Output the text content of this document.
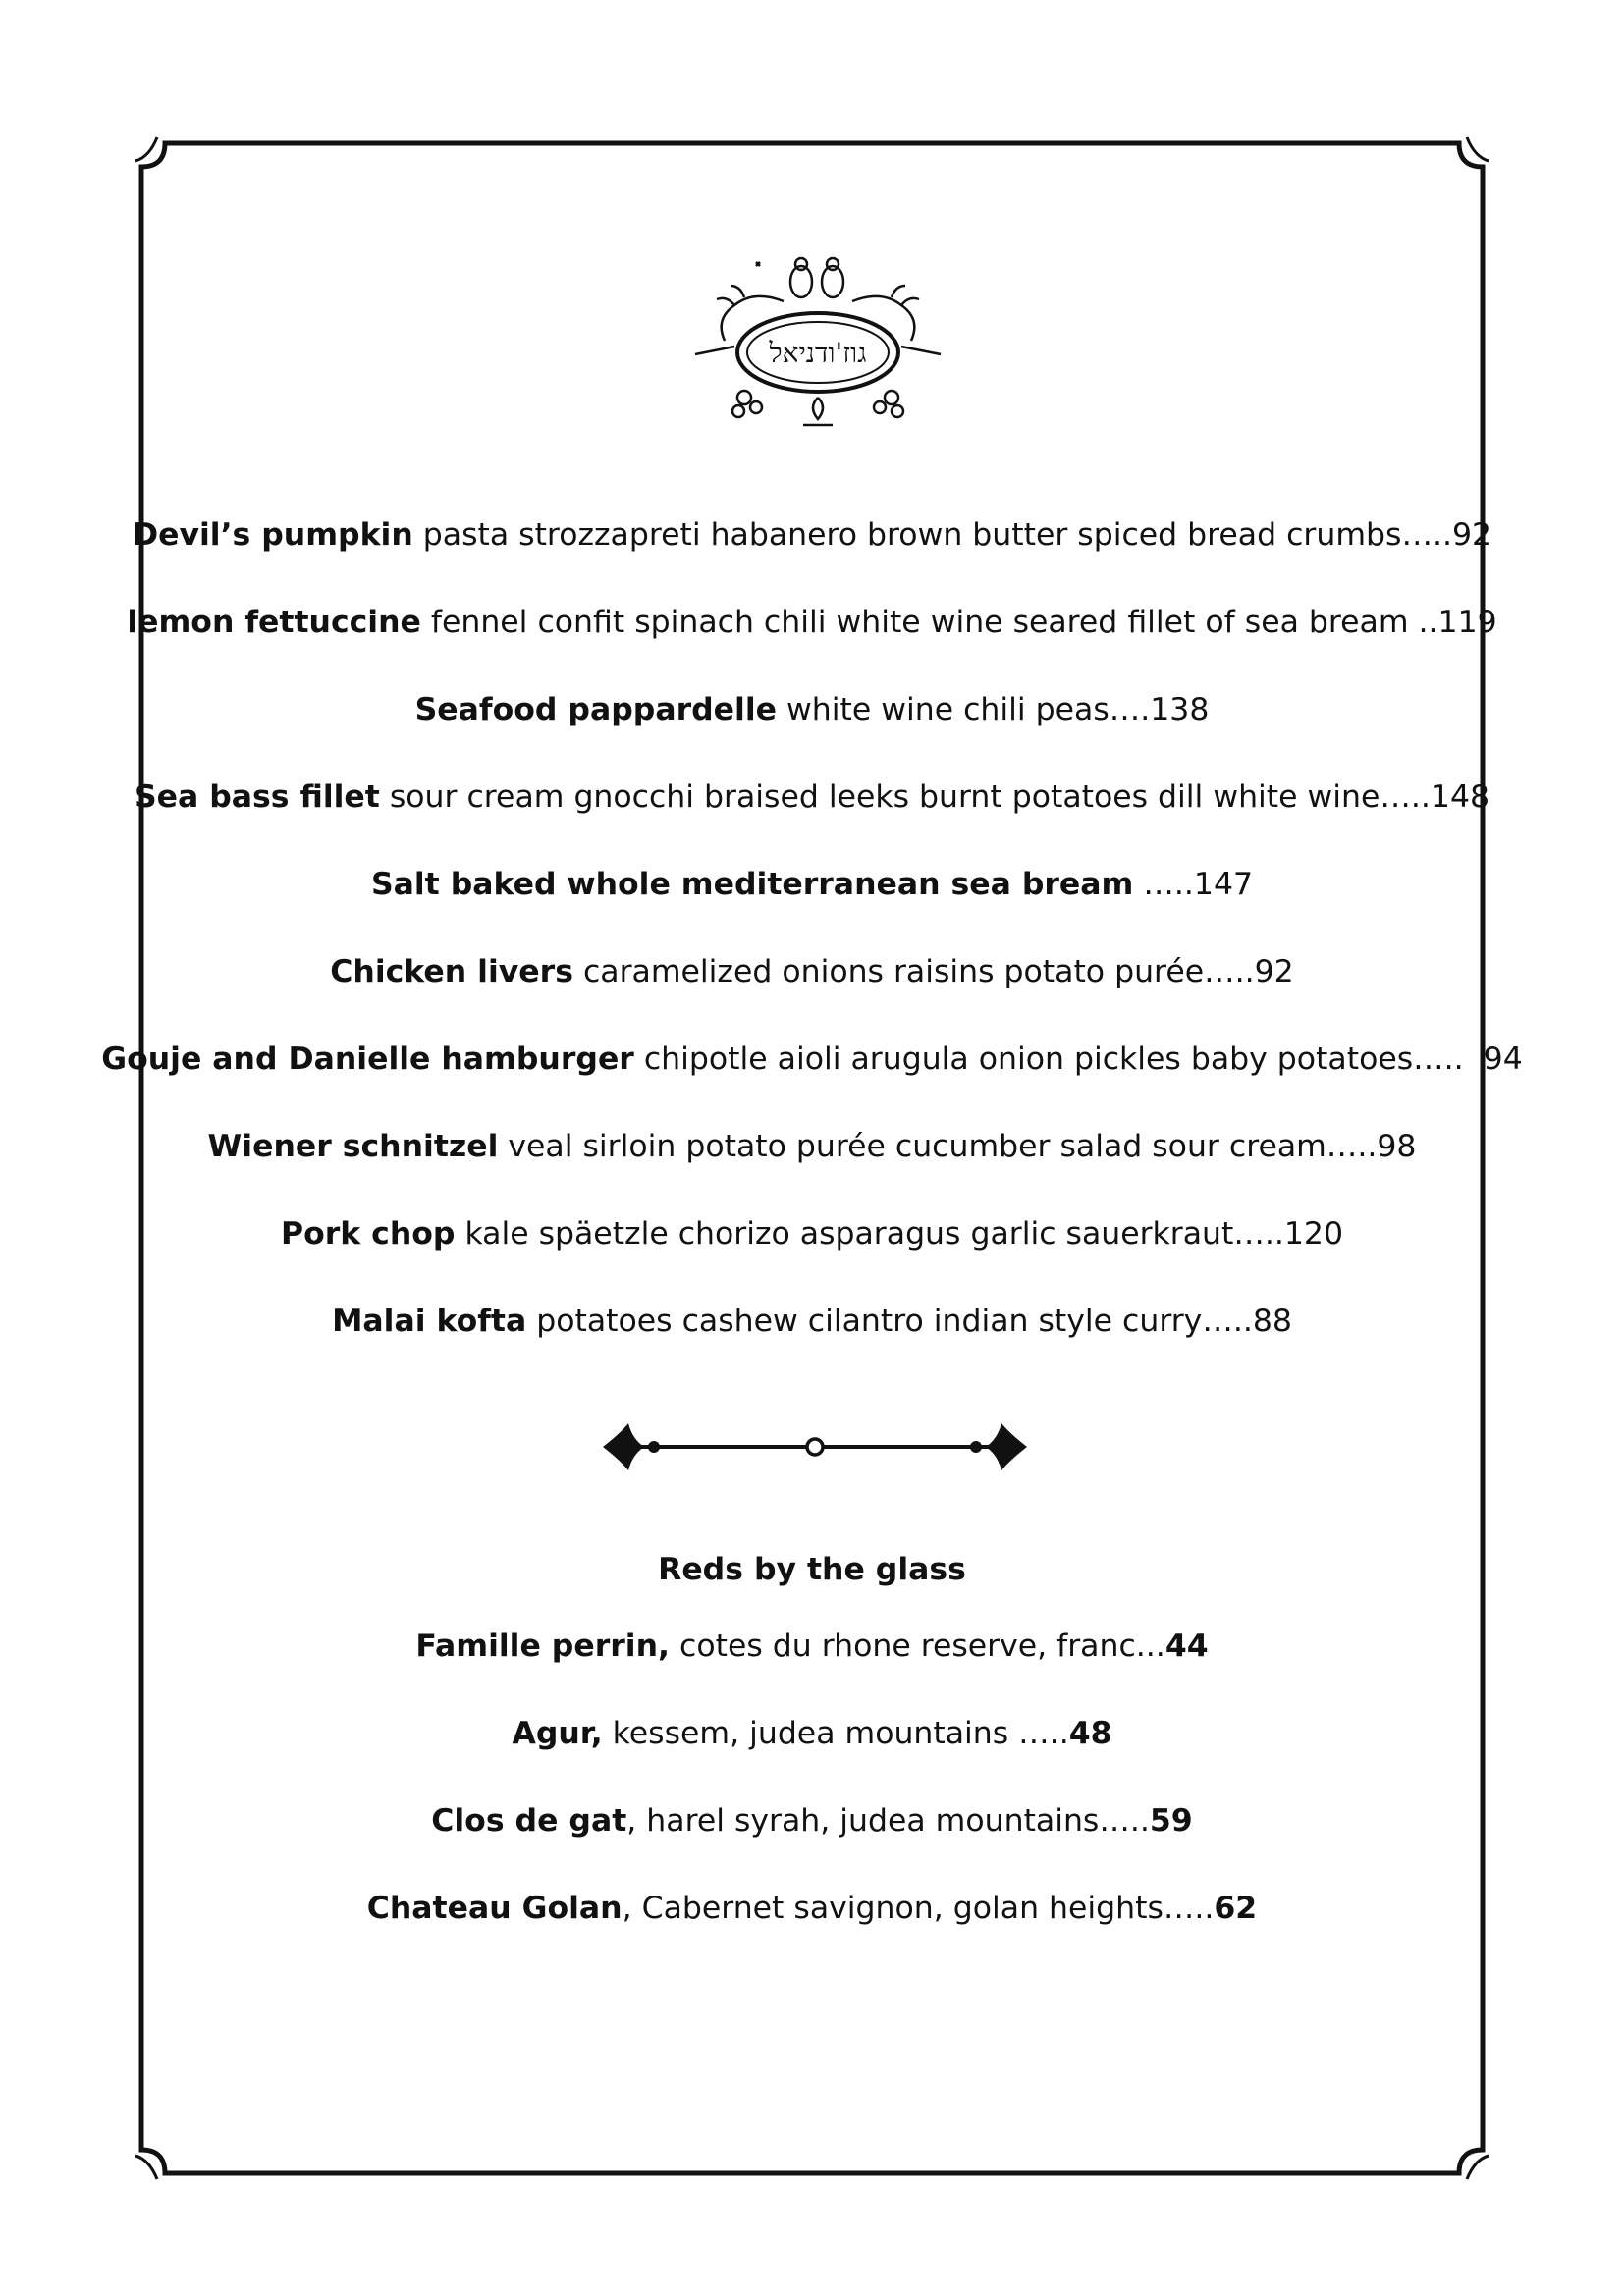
גוז'ודניאל
Devil’s pumpkin pasta strozzapreti habanero brown butter spiced bread crumbs…..92
lemon fettuccine fennel confit spinach chili white wine seared fillet of sea bream ..119
Seafood pappardelle white wine chili peas….138
Sea bass fillet sour cream gnocchi braised leeks burnt potatoes dill white wine…..148
Salt baked whole mediterranean sea bream …..147
Chicken livers caramelized onions raisins potato purée…..92
Gouje and Danielle hamburger chipotle aioli arugula onion pickles baby potatoes…..  94
Wiener schnitzel veal sirloin potato purée cucumber salad sour cream…..98
Pork chop kale späetzle chorizo asparagus garlic sauerkraut…..120
Malai kofta potatoes cashew cilantro indian style curry…..88
Reds by the glass
Famille perrin, cotes du rhone reserve, franc...44
Agur, kessem, judea mountains …..48
Clos de gat, harel syrah, judea mountains…..59
Chateau Golan, Cabernet savignon, golan heights…..62
